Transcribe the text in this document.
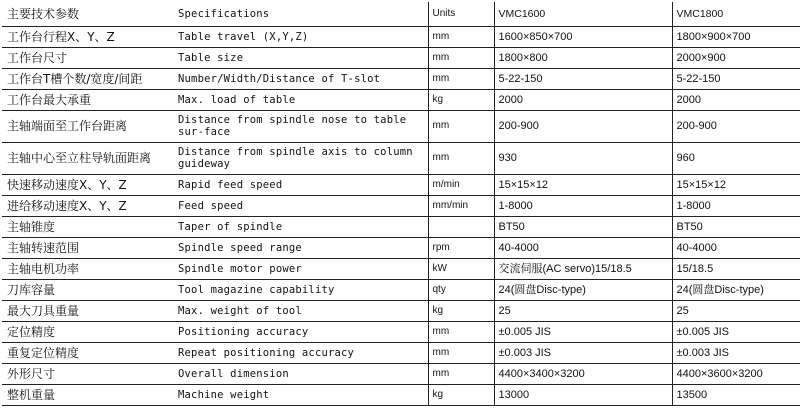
主要技术参数	Specifications	Units	VMC1600	VMC1800
工作台行程X、Y、Z	Table travel (X,Y,Z)	mm	1600×850×700	1800×900×700
工作台尺寸	Table size	mm	1800×800	2000×900
工作台T槽个数/宽度/间距	Number/Width/Distance of T-slot	mm	5-22-150	5-22-150
工作台最大承重	Max. load of table	kg	2000	2000
主轴端面至工作台距离	Distance from spindle nose to table sur-face	mm	200-900	200-900
主轴中心至立柱导轨面距离	Distance from spindle axis to column guideway	mm	930	960
快速移动速度X、Y、Z	Rapid feed speed	m/min	15×15×12	15×15×12
进给移动速度X、Y、Z	Feed speed	mm/min	1-8000	1-8000
主轴锥度	Taper of spindle		BT50	BT50
主轴转速范围	Spindle speed range	rpm	40-4000	40-4000
主轴电机功率	Spindle motor power	kW	交流伺服(AC servo)15/18.5	15/18.5
刀库容量	Tool magazine capability	qty	24(圆盘Disc-type)	24(圆盘Disc-type)
最大刀具重量	Max. weight of tool	kg	25	25
定位精度	Positioning accuracy	mm	±0.005 JIS	±0.005 JIS
重复定位精度	Repeat positioning accuracy	mm	±0.003 JIS	±0.003 JIS
外形尺寸	Overall dimension	mm	4400×3400×3200	4400×3600×3200
整机重量	Machine weight	kg	13000	13500
